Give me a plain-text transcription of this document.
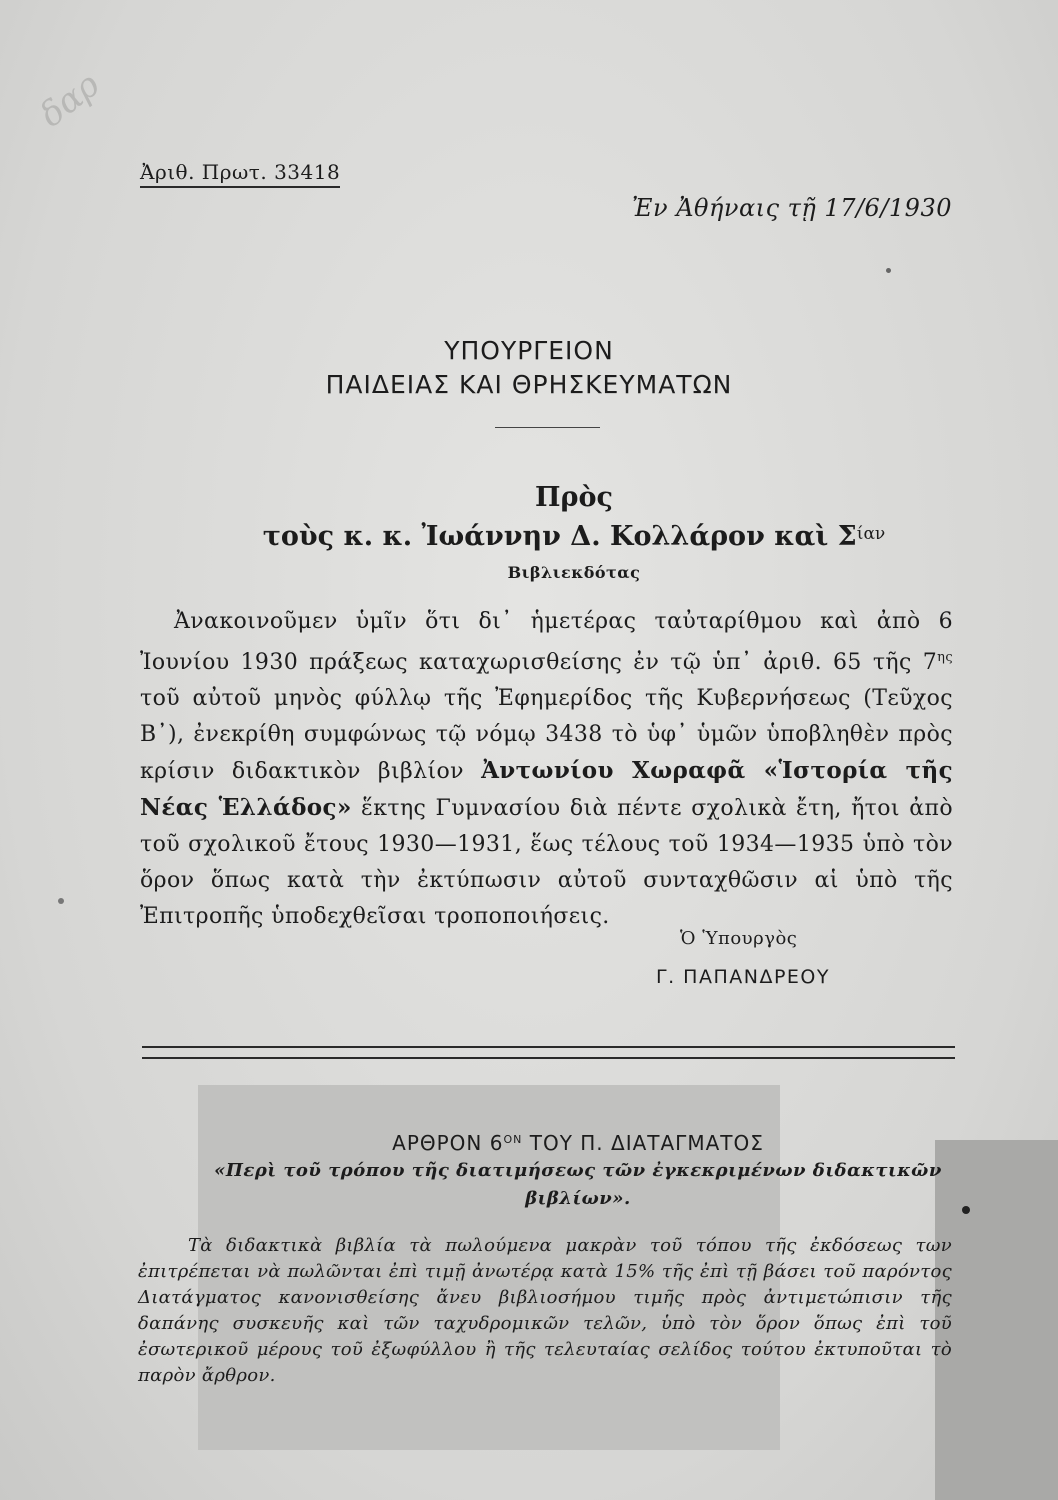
δαρ
Ἀριθ. Πρωτ. 33418
Ἐν Ἀθήναις τῇ 17/6/1930
ΥΠΟΥΡΓΕΙΟΝ
ΠΑΙΔΕΙΑΣ ΚΑΙ ΘΡΗΣΚΕΥΜΑΤΩΝ
Πρὸς
τοὺς κ. κ. Ἰωάννην Δ. Κολλάρον καὶ $\Sigma^{ί\alpha\nu}$
Βιβλιεκδότας

Ἀνακοινοῦμεν ὑμῖν ὅτι δι᾽ ἡμετέρας ταὐταρίθμου καὶ ἀπὸ 6 Ἰουνίου 1930 πράξεως καταχωρισθείσης ἐν τῷ ὑπ᾽ ἀριθ. 65 τῆς $7^{\eta\varsigma}$ τοῦ αὐτοῦ μηνὸς φύλλῳ τῆς Ἐφημερίδος τῆς Κυβερνήσεως (Τεῦχος Β᾽), ἐνεκρίθη συμφώνως τῷ νόμῳ 3438 τὸ ὑφ᾽ ὑμῶν ὑποβληθὲν πρὸς κρίσιν διδακτικὸν βιβλίον Ἀντωνίου Χωραφᾶ «Ἱστορία τῆς Νέας Ἑλλάδος» ἕκτης Γυμνασίου διὰ πέντε σχολικὰ ἔτη, ἤτοι ἀπὸ τοῦ σχολικοῦ ἔτους 1930—1931, ἕως τέλους τοῦ 1934—1935 ὑπὸ τὸν ὅρον ὅπως κατὰ τὴν ἐκτύπωσιν αὐτοῦ συνταχθῶσιν αἱ ὑπὸ τῆς Ἐπιτροπῆς ὑποδεχθεῖσαι τροποποιήσεις.

Ὁ Ὑπουργὸς
Γ. ΠΑΠΑΝΔΡΕΟΥ
ΑΡΘΡΟΝ $6^{ON}$ ΤΟΥ Π. ΔΙΑΤΑΓΜΑΤΟΣ
«Περὶ τοῦ τρόπου τῆς διατιμήσεως τῶν ἐγκεκριμένων διδακτικῶν βιβλίων».

Τὰ διδακτικὰ βιβλία τὰ πωλούμενα μακρὰν τοῦ τόπου τῆς ἐκδόσεως των ἐπιτρέπεται νὰ πωλῶνται ἐπὶ τιμῇ ἀνωτέρᾳ κατὰ 15% τῆς ἐπὶ τῇ βάσει τοῦ παρόντος Διατάγματος κανονισθείσης ἄνευ βιβλιοσήμου τιμῆς πρὸς ἀντιμετώπισιν τῆς δαπάνης συσκευῆς καὶ τῶν ταχυδρομικῶν τελῶν, ὑπὸ τὸν ὅρον ὅπως ἐπὶ τοῦ ἐσωτερικοῦ μέρους τοῦ ἐξωφύλλου ἢ τῆς τελευταίας σελίδος τούτου ἐκτυποῦται τὸ παρὸν ἄρθρον.
